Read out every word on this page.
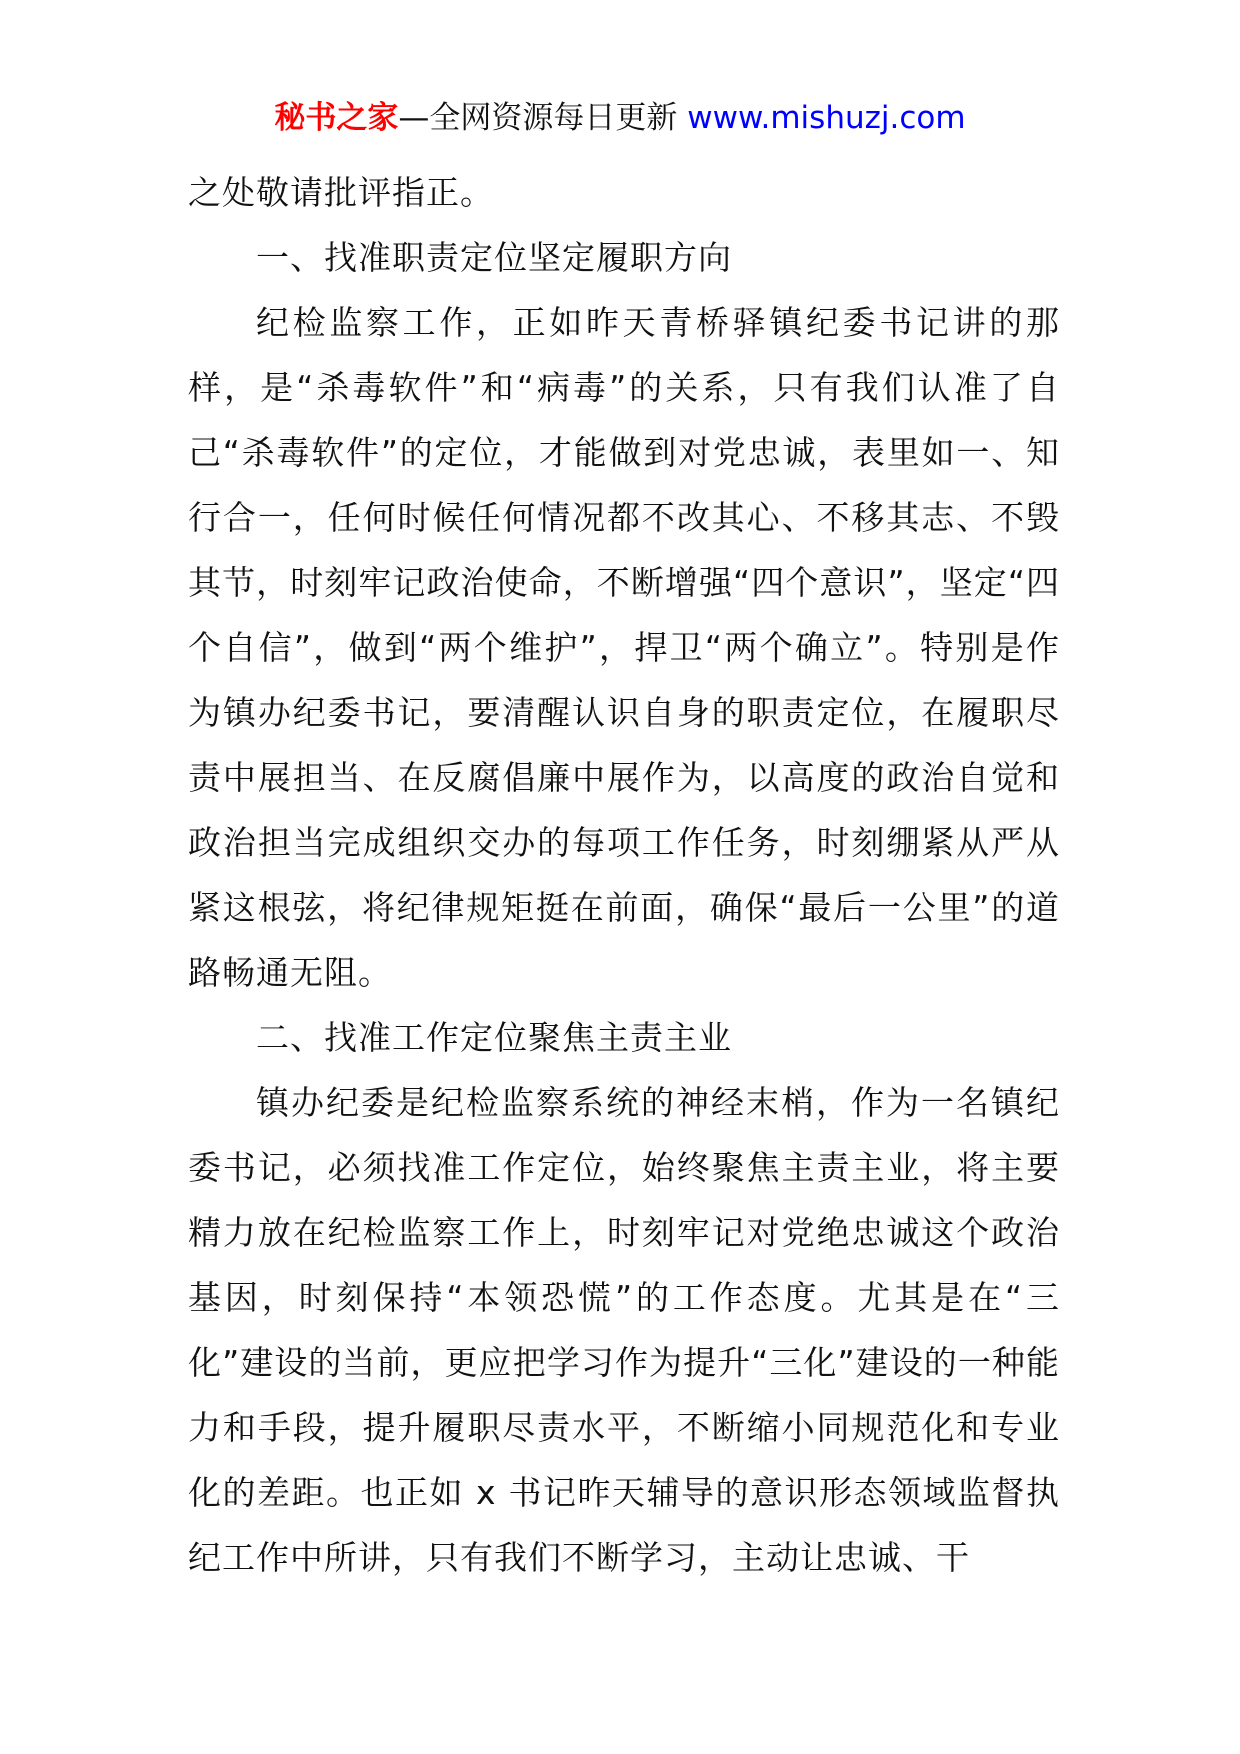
秘书之家—全网资源每日更新 www.mishuzj.com

之处敬请批评指正。

一、找准职责定位坚定履职方向

纪检监察工作，正如昨天青桥驿镇纪委书记讲的那样，是“杀毒软件”和“病毒”的关系，只有我们认准了自己“杀毒软件”的定位，才能做到对党忠诚，表里如一、知行合一，任何时候任何情况都不改其心、不移其志、不毁其节，时刻牢记政治使命，不断增强“四个意识”，坚定“四个自信”，做到“两个维护”，捍卫“两个确立”。特别是作为镇办纪委书记，要清醒认识自身的职责定位，在履职尽责中展担当、在反腐倡廉中展作为，以高度的政治自觉和政治担当完成组织交办的每项工作任务，时刻绷紧从严从紧这根弦，将纪律规矩挺在前面，确保“最后一公里”的道路畅通无阻。

二、找准工作定位聚焦主责主业

镇办纪委是纪检监察系统的神经末梢，作为一名镇纪委书记，必须找准工作定位，始终聚焦主责主业，将主要精力放在纪检监察工作上，时刻牢记对党绝忠诚这个政治基因，时刻保持“本领恐慌”的工作态度。尤其是在“三化”建设的当前，更应把学习作为提升“三化”建设的一种能力和手段，提升履职尽责水平，不断缩小同规范化和专业化的差距。也正如 x 书记昨天辅导的意识形态领域监督执纪工作中所讲，只有我们不断学习，主动让忠诚、干
